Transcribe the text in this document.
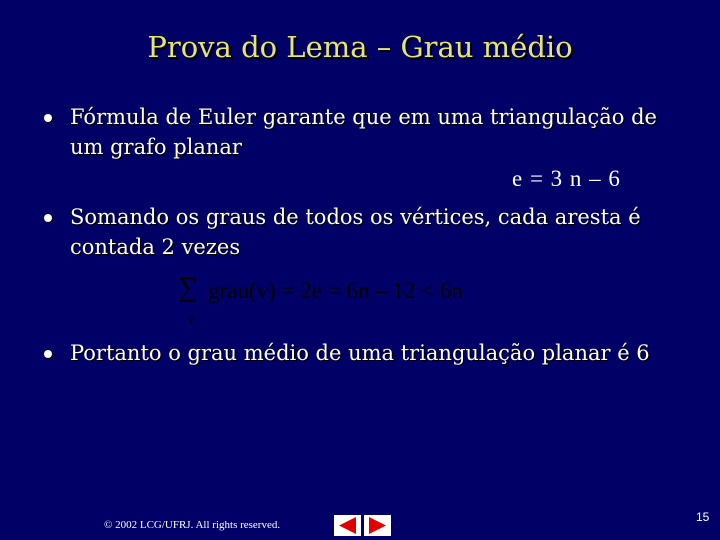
Prova do Lema – Grau médio
Fórmula de Euler garante que em uma triangulação de um grafo planar
e = 3 n – 6
Somando os graus de todos os vértices, cada aresta é contada 2 vezes
∑
v
grau(v) = 2e = 6n – 12 < 6n
Portanto o grau médio de uma triangulação planar é 6
© 2002 LCG/UFRJ. All rights reserved.
15
